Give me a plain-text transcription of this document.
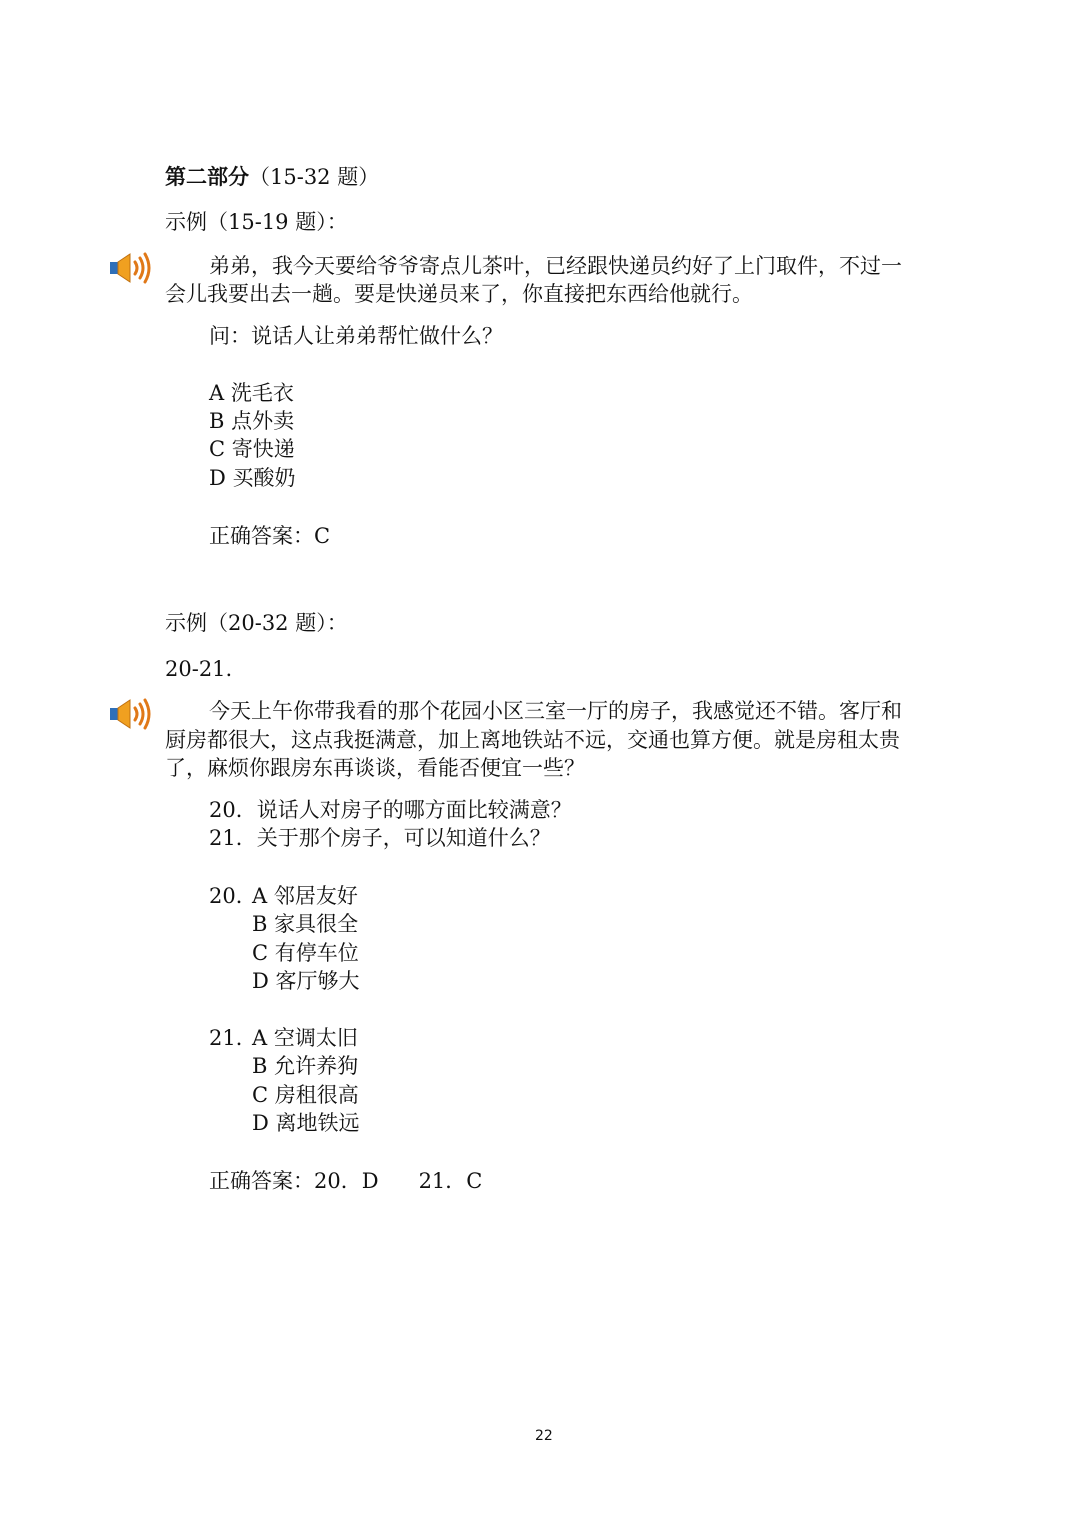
第二部分（15-32 题）
示例（15-19 题）：
弟弟，我今天要给爷爷寄点儿茶叶，已经跟快递员约好了上门取件，不过一
会儿我要出去一趟。要是快递员来了，你直接把东西给他就行。
问：说话人让弟弟帮忙做什么？
A 洗毛衣
B 点外卖
C 寄快递
D 买酸奶
正确答案：C
示例（20-32 题）：
20-21.
今天上午你带我看的那个花园小区三室一厅的房子，我感觉还不错。客厅和
厨房都很大，这点我挺满意，加上离地铁站不远，交通也算方便。就是房租太贵
了，麻烦你跟房东再谈谈，看能否便宜一些？
20．说话人对房子的哪方面比较满意？
21．关于那个房子，可以知道什么？
20．
A 邻居友好
B 家具很全
C 有停车位
D 客厅够大
21．
A 空调太旧
B 允许养狗
C 房租很高
D 离地铁远
正确答案：20．D 21．C
22
